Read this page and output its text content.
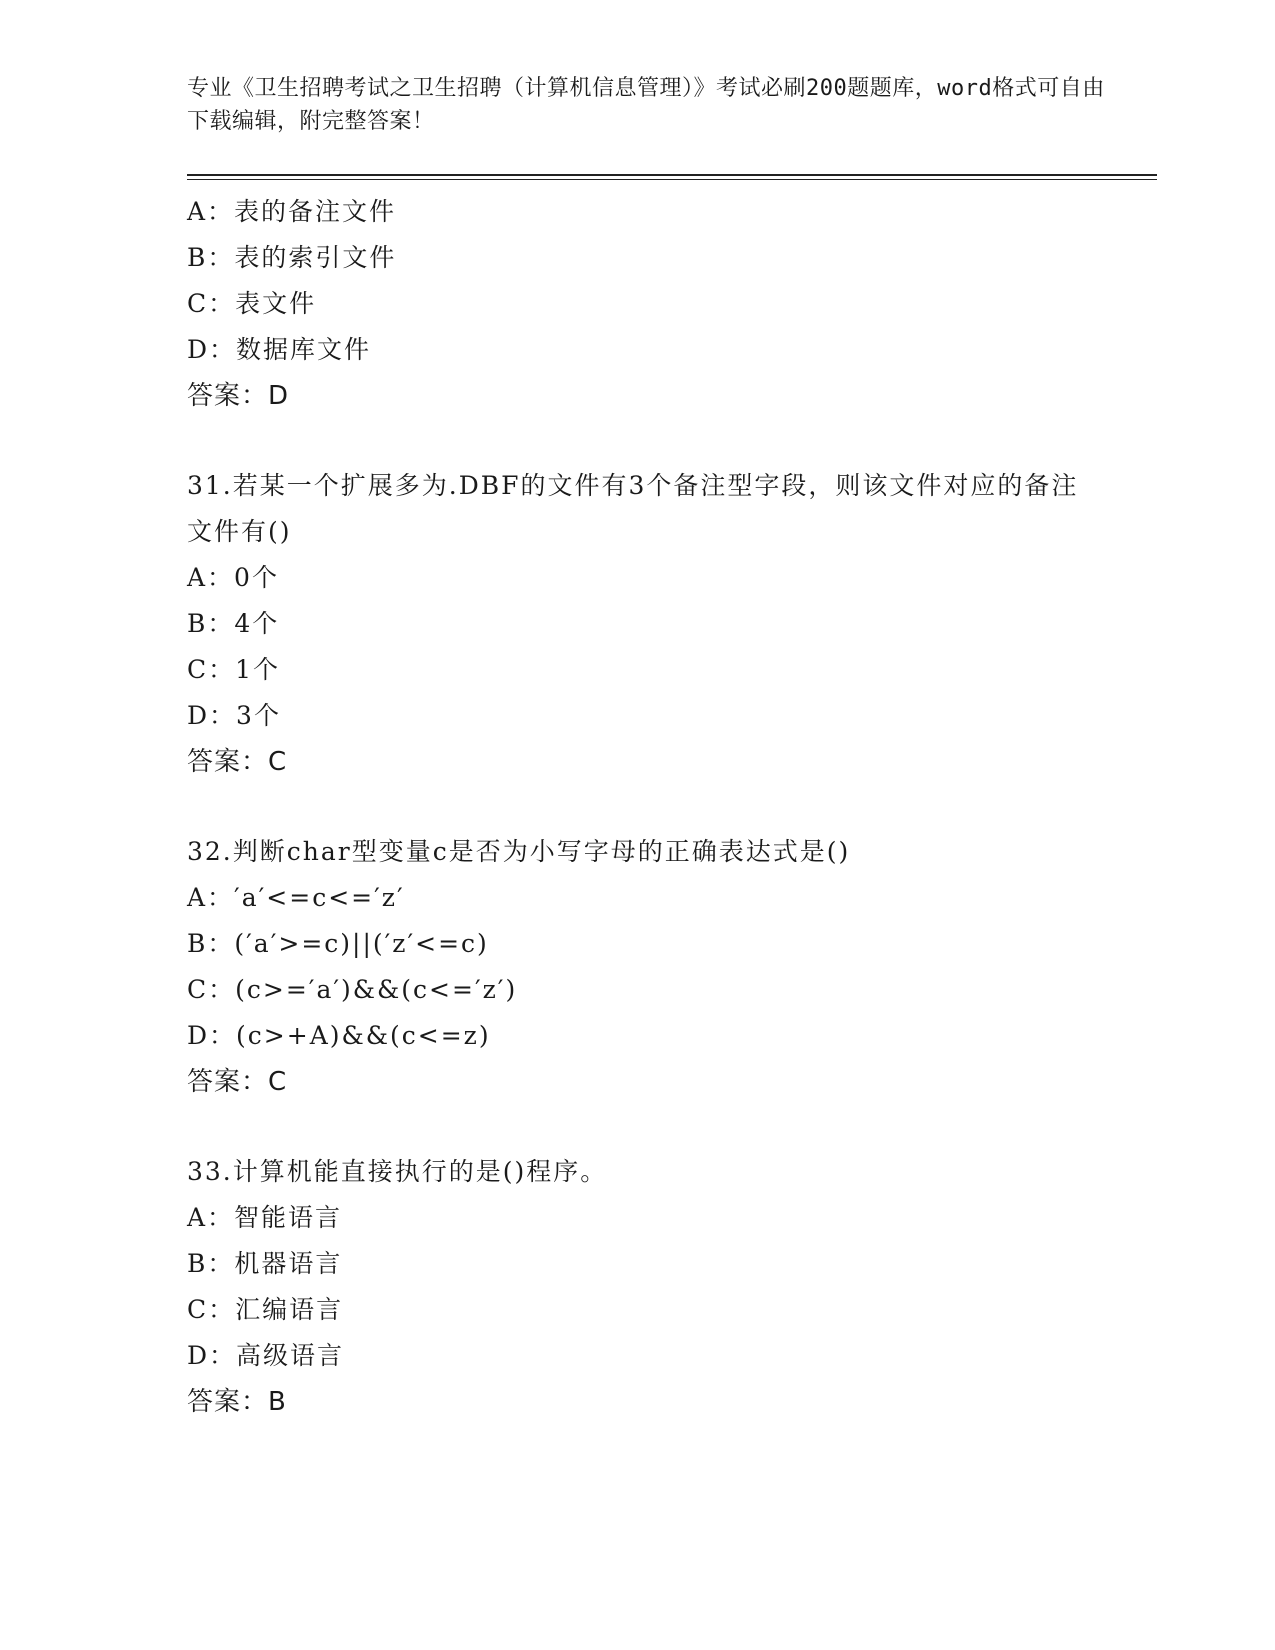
专业《卫生招聘考试之卫生招聘（计算机信息管理）》考试必刷200题题库，word格式可自由下载编辑，附完整答案！

A：表的备注文件
B：表的索引文件
C：表文件
D：数据库文件
答案：D
31.若某一个扩展多为.DBF的文件有3个备注型字段，则该文件对应的备注文件有()
A：0个
B：4个
C：1个
D：3个
答案：C
32.判断char型变量c是否为小写字母的正确表达式是()
A：′a′<=c<=′z′
B：(′a′>=c)||(′z′<=c)
C：(c>=′a′)&&(c<=′z′)
D：(c>+A)&&(c<=z)
答案：C
33.计算机能直接执行的是()程序。
A：智能语言
B：机器语言
C：汇编语言
D：高级语言
答案：B
